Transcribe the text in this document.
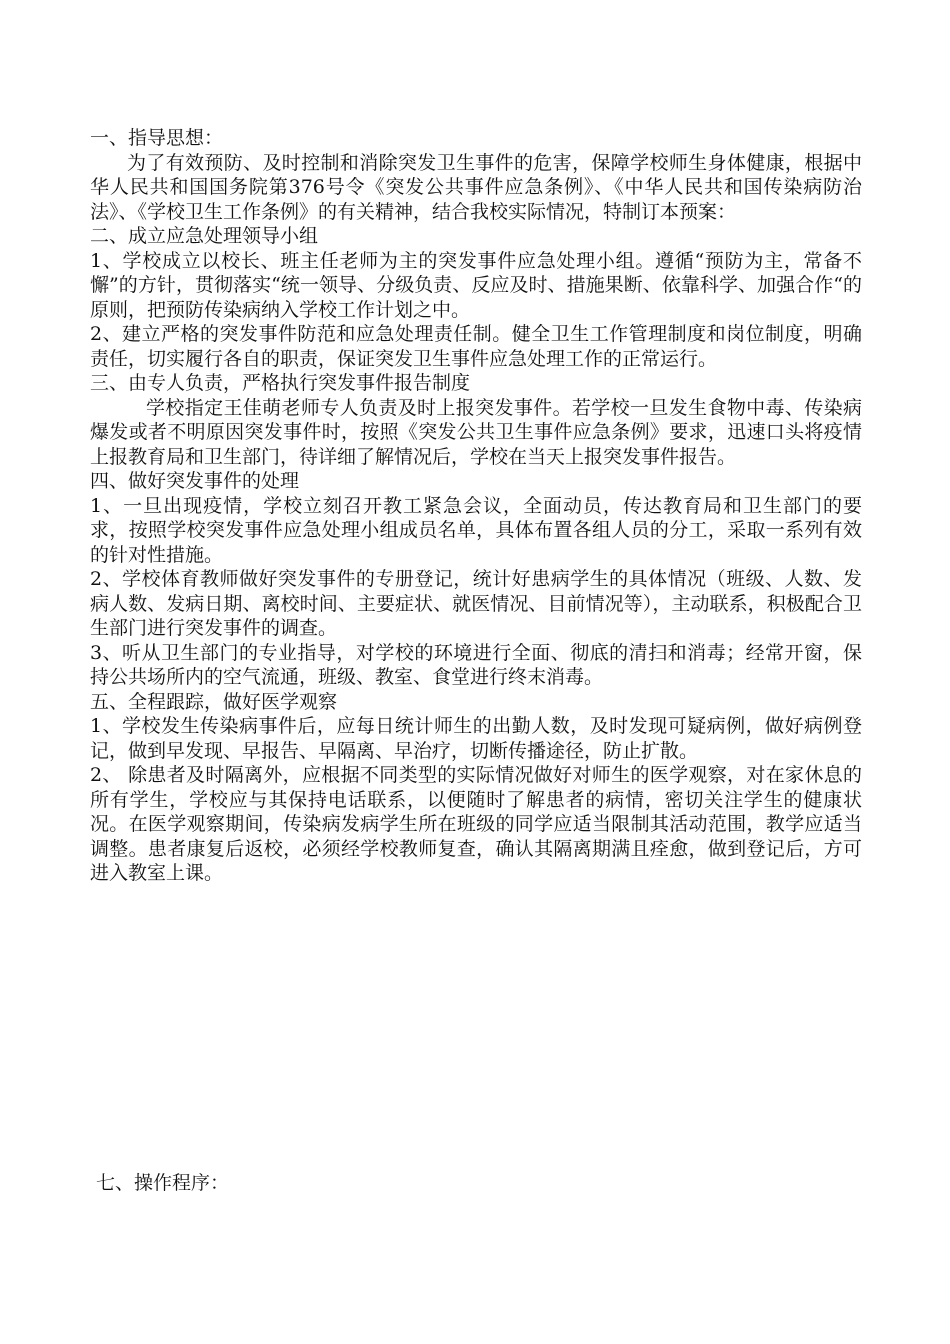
一、指导思想：

为了有效预防、及时控制和消除突发卫生事件的危害，保障学校师生身体健康，根据中华人民共和国国务院第376号令《突发公共事件应急条例》、《中华人民共和国传染病防治法》、《学校卫生工作条例》的有关精神，结合我校实际情况，特制订本预案：

二、成立应急处理领导小组

1、学校成立以校长、班主任老师为主的突发事件应急处理小组。遵循“预防为主，常备不懈”的方针，贯彻落实“统一领导、分级负责、反应及时、措施果断、依靠科学、加强合作“的原则，把预防传染病纳入学校工作计划之中。

2、建立严格的突发事件防范和应急处理责任制。健全卫生工作管理制度和岗位制度，明确责任，切实履行各自的职责，保证突发卫生事件应急处理工作的正常运行。

三、由专人负责，严格执行突发事件报告制度

学校指定王佳萌老师专人负责及时上报突发事件。若学校一旦发生食物中毒、传染病爆发或者不明原因突发事件时，按照《突发公共卫生事件应急条例》要求，迅速口头将疫情上报教育局和卫生部门，待详细了解情况后，学校在当天上报突发事件报告。

四、做好突发事件的处理

1、一旦出现疫情，学校立刻召开教工紧急会议，全面动员，传达教育局和卫生部门的要求，按照学校突发事件应急处理小组成员名单，具体布置各组人员的分工，采取一系列有效的针对性措施。

2、学校体育教师做好突发事件的专册登记，统计好患病学生的具体情况（班级、人数、发病人数、发病日期、离校时间、主要症状、就医情况、目前情况等），主动联系，积极配合卫生部门进行突发事件的调查。

3、听从卫生部门的专业指导，对学校的环境进行全面、彻底的清扫和消毒；经常开窗，保持公共场所内的空气流通，班级、教室、食堂进行终末消毒。

五、全程跟踪，做好医学观察

1、学校发生传染病事件后，应每日统计师生的出勤人数，及时发现可疑病例，做好病例登记，做到早发现、早报告、早隔离、早治疗，切断传播途径，防止扩散。

2、 除患者及时隔离外，应根据不同类型的实际情况做好对师生的医学观察，对在家休息的所有学生，学校应与其保持电话联系，以便随时了解患者的病情，密切关注学生的健康状况。在医学观察期间，传染病发病学生所在班级的同学应适当限制其活动范围，教学应适当调整。患者康复后返校，必须经学校教师复查，确认其隔离期满且痊愈，做到登记后，方可进入教室上课。

七、操作程序：
